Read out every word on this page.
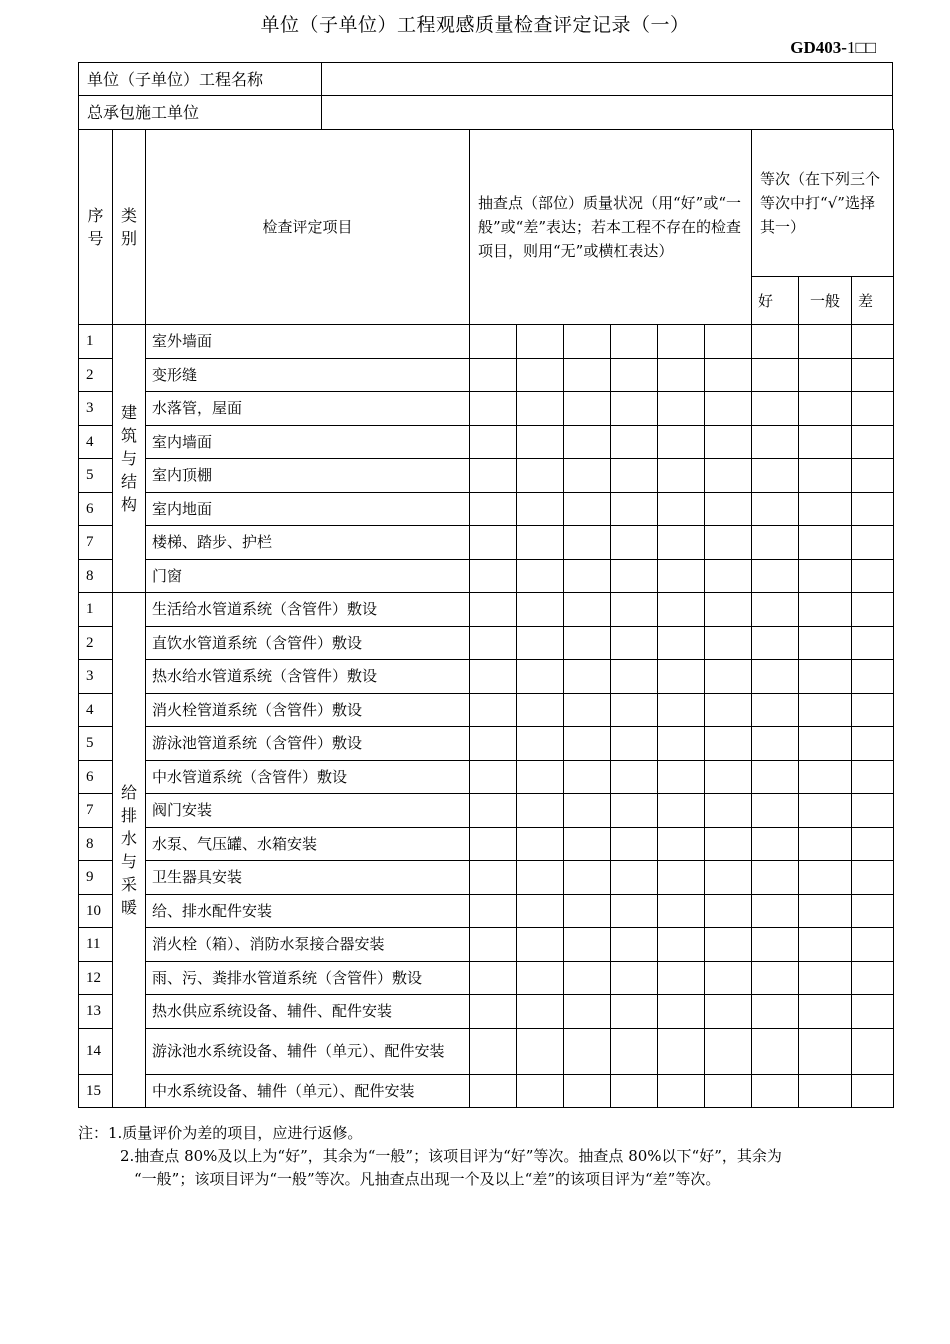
单位（子单位）工程观感质量检查评定记录（一）
GD403-1□□
单位（子单位）工程名称	
总承包施工单位	
序号	类别	检查评定项目	抽查点（部位）质量状况（用“好”或“一般”或“差”表达；若本工程不存在的检查项目，则用“无”或横杠表达）						等次（在下列三个等次中打“√”选择其一）		
									好	一般	差
1	建筑与结构	室外墙面									
2		变形缝									
3		水落管，屋面									
4		室内墙面									
5		室内顶棚									
6		室内地面									
7		楼梯、踏步、护栏									
8		门窗									
1	给排水与采暖	生活给水管道系统（含管件）敷设									
2		直饮水管道系统（含管件）敷设									
3		热水给水管道系统（含管件）敷设									
4		消火栓管道系统（含管件）敷设									
5		游泳池管道系统（含管件）敷设									
6		中水管道系统（含管件）敷设									
7		阀门安装									
8		水泵、气压罐、水箱安装									
9		卫生器具安装									
10		给、排水配件安装									
11		消火栓（箱）、消防水泵接合器安装									
12		雨、污、粪排水管道系统（含管件）敷设									
13		热水供应系统设备、辅件、配件安装									
14		游泳池水系统设备、辅件（单元）、配件安装									
15		中水系统设备、辅件（单元）、配件安装									
注：1.质量评价为差的项目，应进行返修。
2.抽查点 80%及以上为“好”，其余为“一般”；该项目评为“好”等次。抽查点 80%以下“好”，其余为
“一般”；该项目评为“一般”等次。凡抽查点出现一个及以上“差”的该项目评为“差”等次。
